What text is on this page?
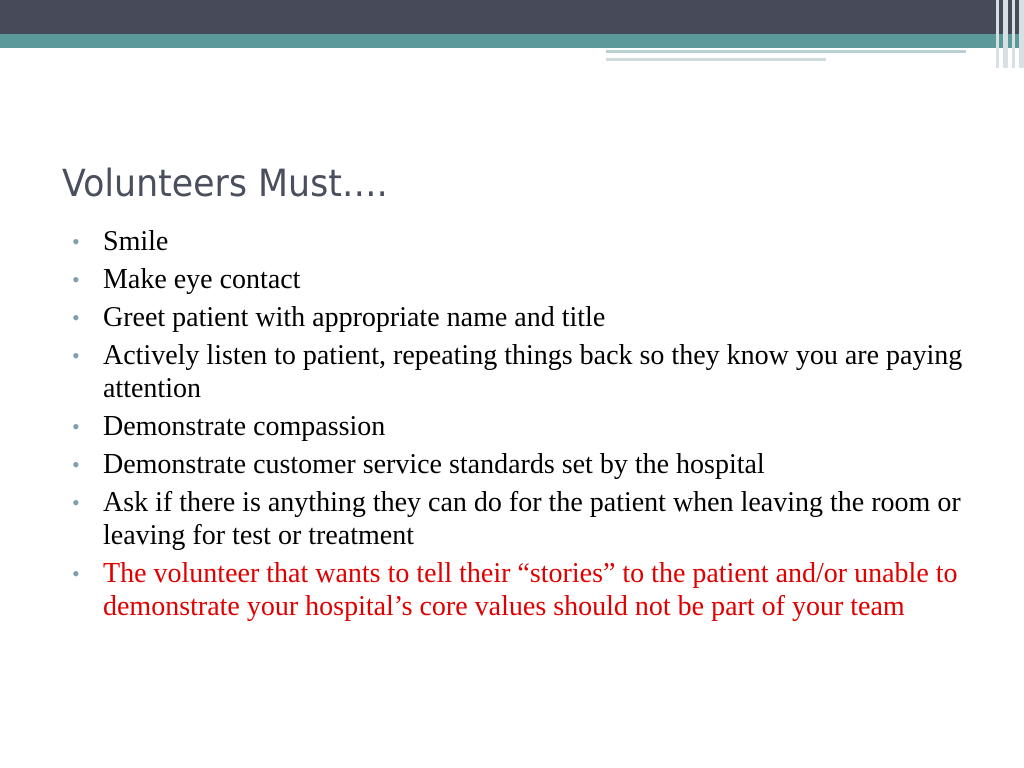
Volunteers Must….
• Smile
• Make eye contact
• Greet patient with appropriate name and title
• Actively listen to patient, repeating things back so they know you are paying attention
• Demonstrate compassion
• Demonstrate customer service standards set by the hospital
• Ask if there is anything they can do for the patient when leaving the room or leaving for test or treatment
• The volunteer that wants to tell their “stories” to the patient and/or unable to demonstrate your hospital’s core values should not be part of your team
